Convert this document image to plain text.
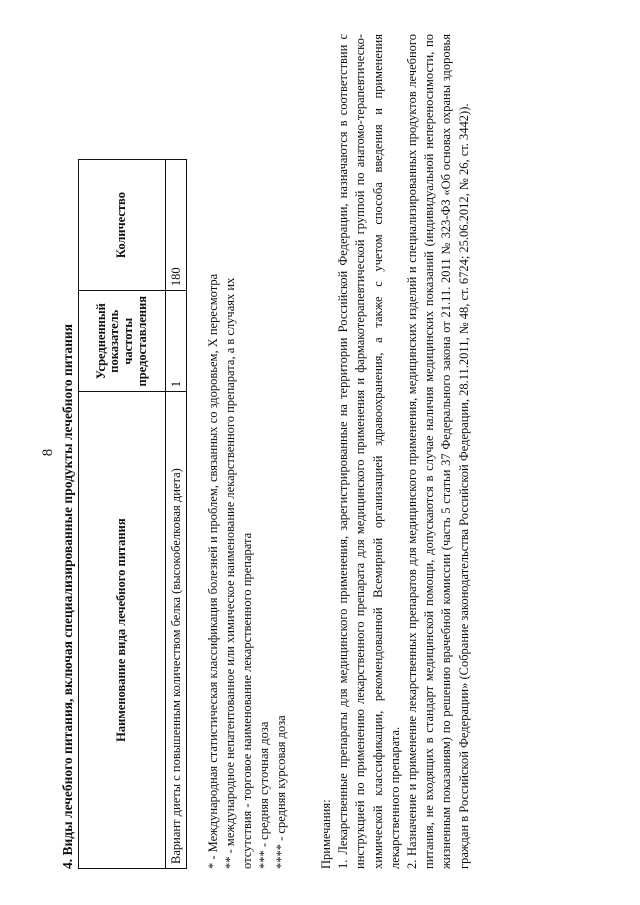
8 4. Виды лечебного питания, включая специализированные продукты лечебного питания	Наименование вида лечебного питания	Усредненный показатель частоты предоставления	Количество
Вариант диеты с повышенным количеством белка (высокобелковая диета)	1	180 * - Международная статистическая классификация болезней и проблем, связанных со здоровьем, X пересмотра ** - международное непатентованное или химическое наименование лекарственного препарата, а в случаях их отсутствия - торговое наименование лекарственного препарата *** - средняя суточная доза **** - средняя курсовая доза Примечания: 1. Лекарственные препараты для медицинского применения, зарегистрированные на территории Российской Федерации, назначаются в соответствии с инструкцией по применению лекарственного препарата для медицинского применения и фармакотерапевтической группой по анатомо-терапевтическо-химической классификации, рекомендованной Всемирной организацией здравоохранения, а также с учетом способа введения и применения лекарственного препарата. 2. Назначение и применение лекарственных препаратов для медицинского применения, медицинских изделий и специализированных продуктов лечебного питания, не входящих в стандарт медицинской помощи, допускаются в случае наличия медицинских показаний (индивидуальной непереносимости, по жизненным показаниям) по решению врачебной комиссии (часть 5 статьи 37 Федерального закона от 21.11. 2011 № 323-ФЗ «Об основах охраны здоровья граждан в Российской Федерации» (Собрание законодательства Российской Федерации, 28.11.2011, № 48, ст. 6724; 25.06.2012, № 26, ст. 3442)).
